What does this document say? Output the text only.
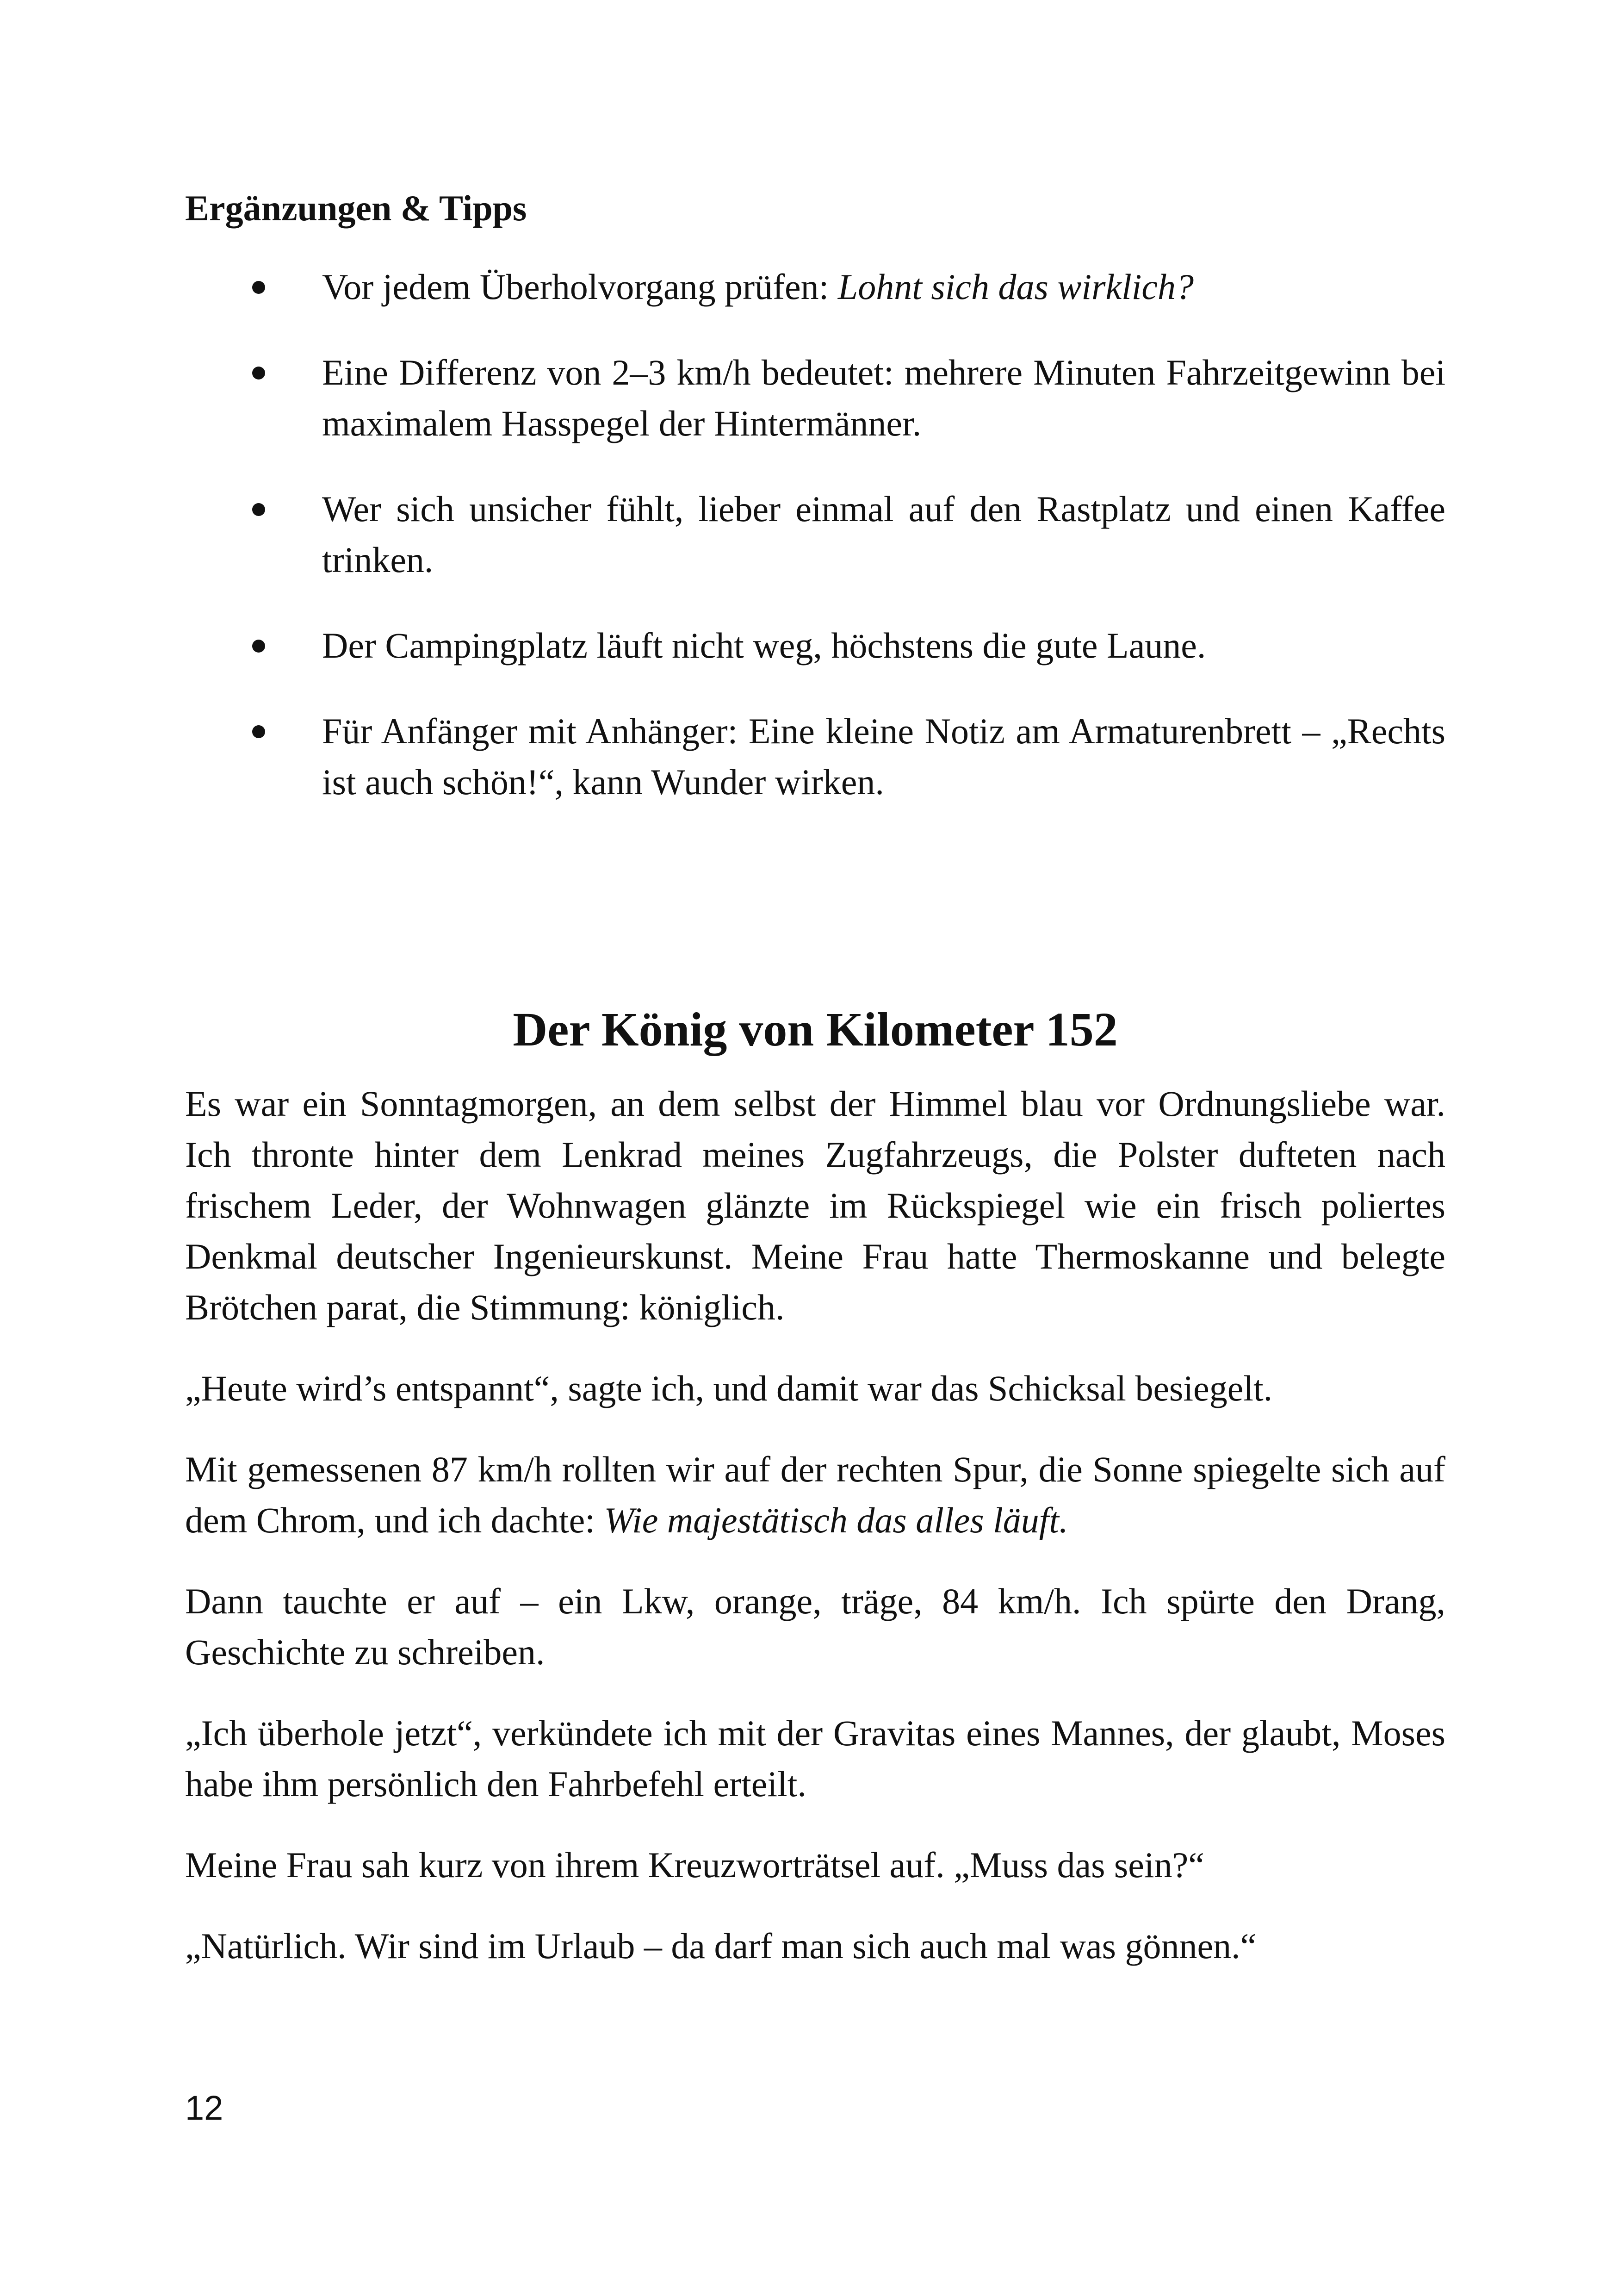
Ergänzungen & Tipps
Vor jedem Überholvorgang prüfen: Lohnt sich das wirklich?
Eine Differenz von 2–3 km/h bedeutet: mehrere Minuten Fahrzeitgewinn bei maximalem Hasspegel der Hintermänner.
Wer sich unsicher fühlt, lieber einmal auf den Rastplatz und einen Kaffee trinken.
Der Campingplatz läuft nicht weg, höchstens die gute Laune.
Für Anfänger mit Anhänger: Eine kleine Notiz am Armaturenbrett – „Rechts ist auch schön!“, kann Wunder wirken.
Der König von Kilometer 152

Es war ein Sonntagmorgen, an dem selbst der Himmel blau vor Ordnungsliebe war. Ich thronte hinter dem Lenkrad meines Zugfahrzeugs, die Polster dufteten nach frischem Leder, der Wohnwagen glänzte im Rückspiegel wie ein frisch poliertes Denkmal deutscher Ingenieurskunst. Meine Frau hatte Thermoskanne und belegte Brötchen parat, die Stimmung: königlich.

„Heute wird’s entspannt“, sagte ich, und damit war das Schicksal besiegelt.

Mit gemessenen 87 km/h rollten wir auf der rechten Spur, die Sonne spiegelte sich auf dem Chrom, und ich dachte: Wie majestätisch das alles läuft.

Dann tauchte er auf – ein Lkw, orange, träge, 84 km/h. Ich spürte den Drang, Geschichte zu schreiben.

„Ich überhole jetzt“, verkündete ich mit der Gravitas eines Mannes, der glaubt, Moses habe ihm persönlich den Fahrbefehl erteilt.

Meine Frau sah kurz von ihrem Kreuzworträtsel auf. „Muss das sein?“

„Natürlich. Wir sind im Urlaub – da darf man sich auch mal was gönnen.“

12
